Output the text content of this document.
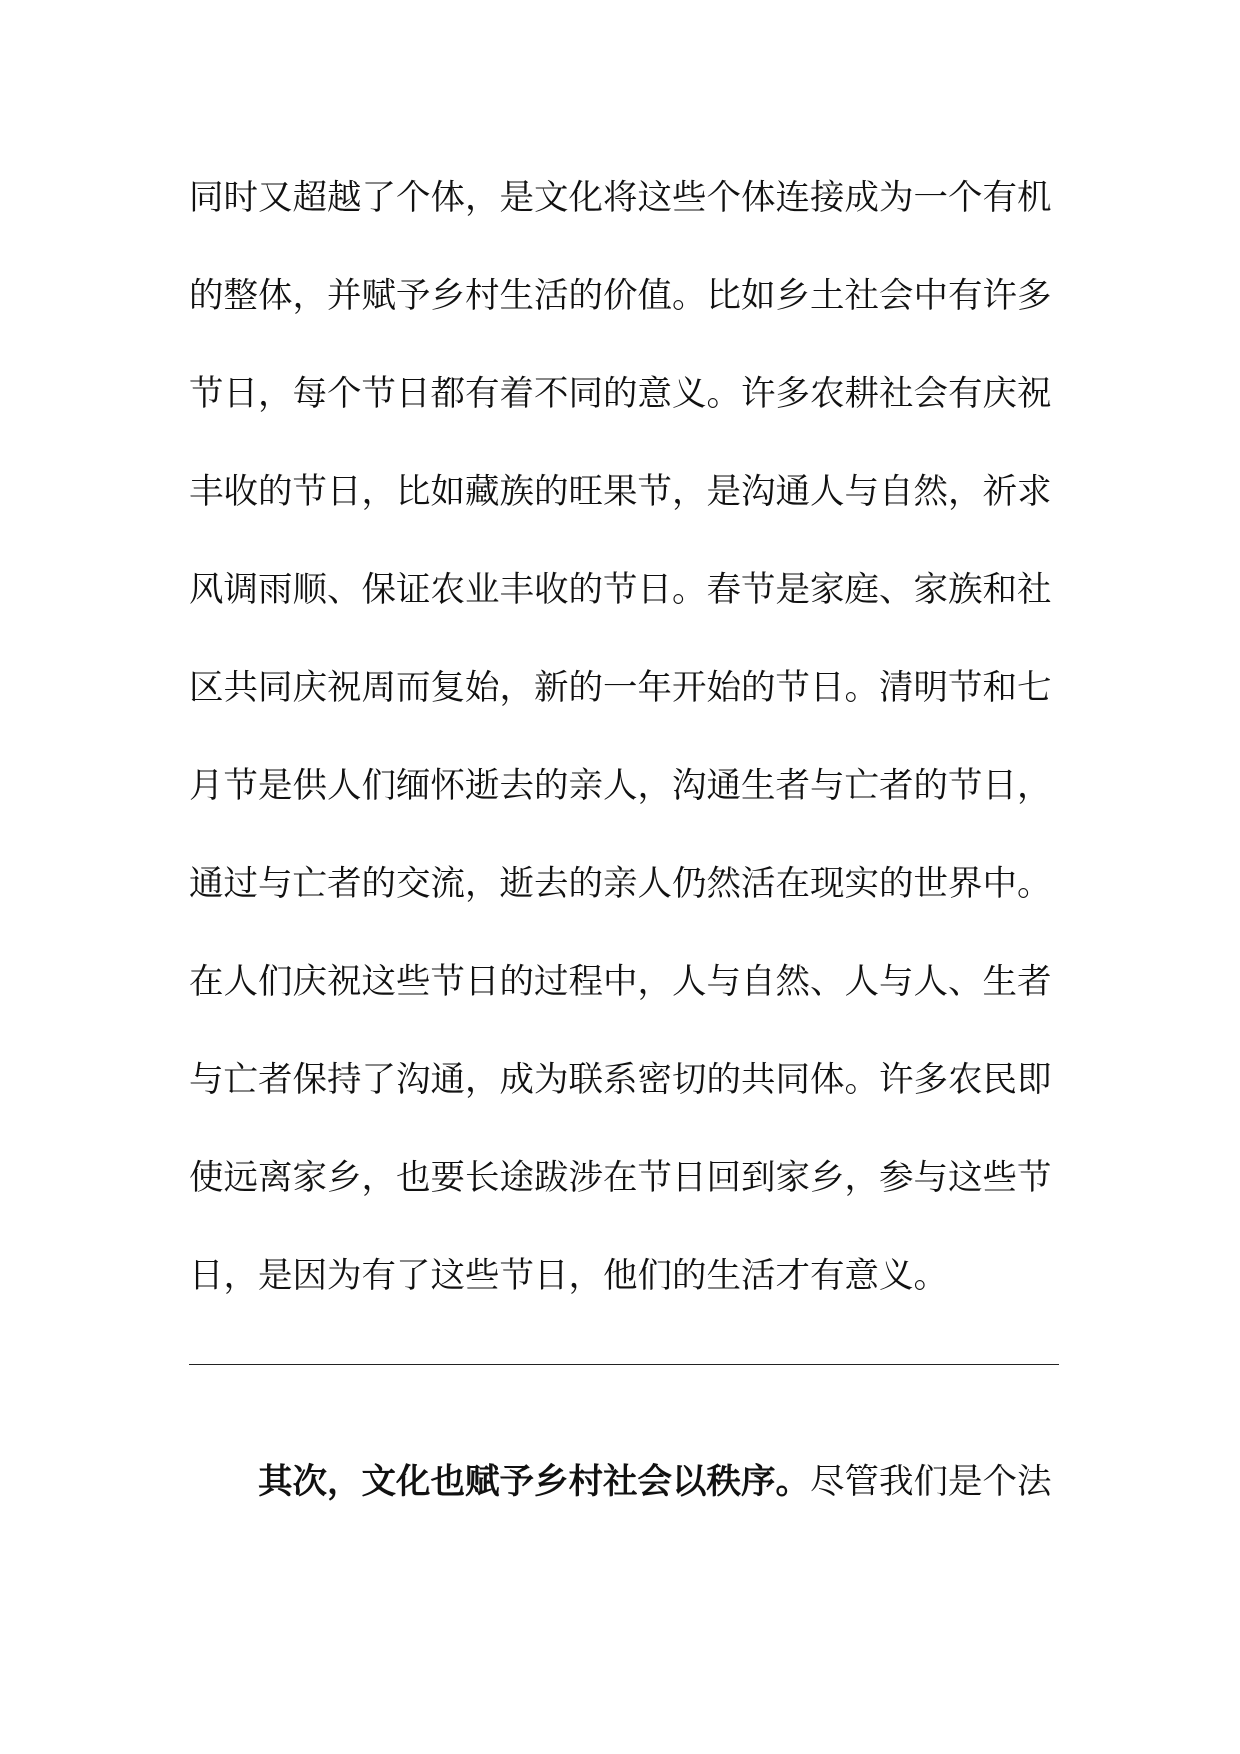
同时又超越了个体，是文化将这些个体连接成为一个有机
的整体，并赋予乡村生活的价值。比如乡土社会中有许多
节日，每个节日都有着不同的意义。许多农耕社会有庆祝
丰收的节日，比如藏族的旺果节，是沟通人与自然，祈求
风调雨顺、保证农业丰收的节日。春节是家庭、家族和社
区共同庆祝周而复始，新的一年开始的节日。清明节和七
月节是供人们缅怀逝去的亲人，沟通生者与亡者的节日，
通过与亡者的交流，逝去的亲人仍然活在现实的世界中。
在人们庆祝这些节日的过程中，人与自然、人与人、生者
与亡者保持了沟通，成为联系密切的共同体。许多农民即
使远离家乡，也要长途跋涉在节日回到家乡，参与这些节
日，是因为有了这些节日，他们的生活才有意义。
其次，文化也赋予乡村社会以秩序。尽管我们是个法
